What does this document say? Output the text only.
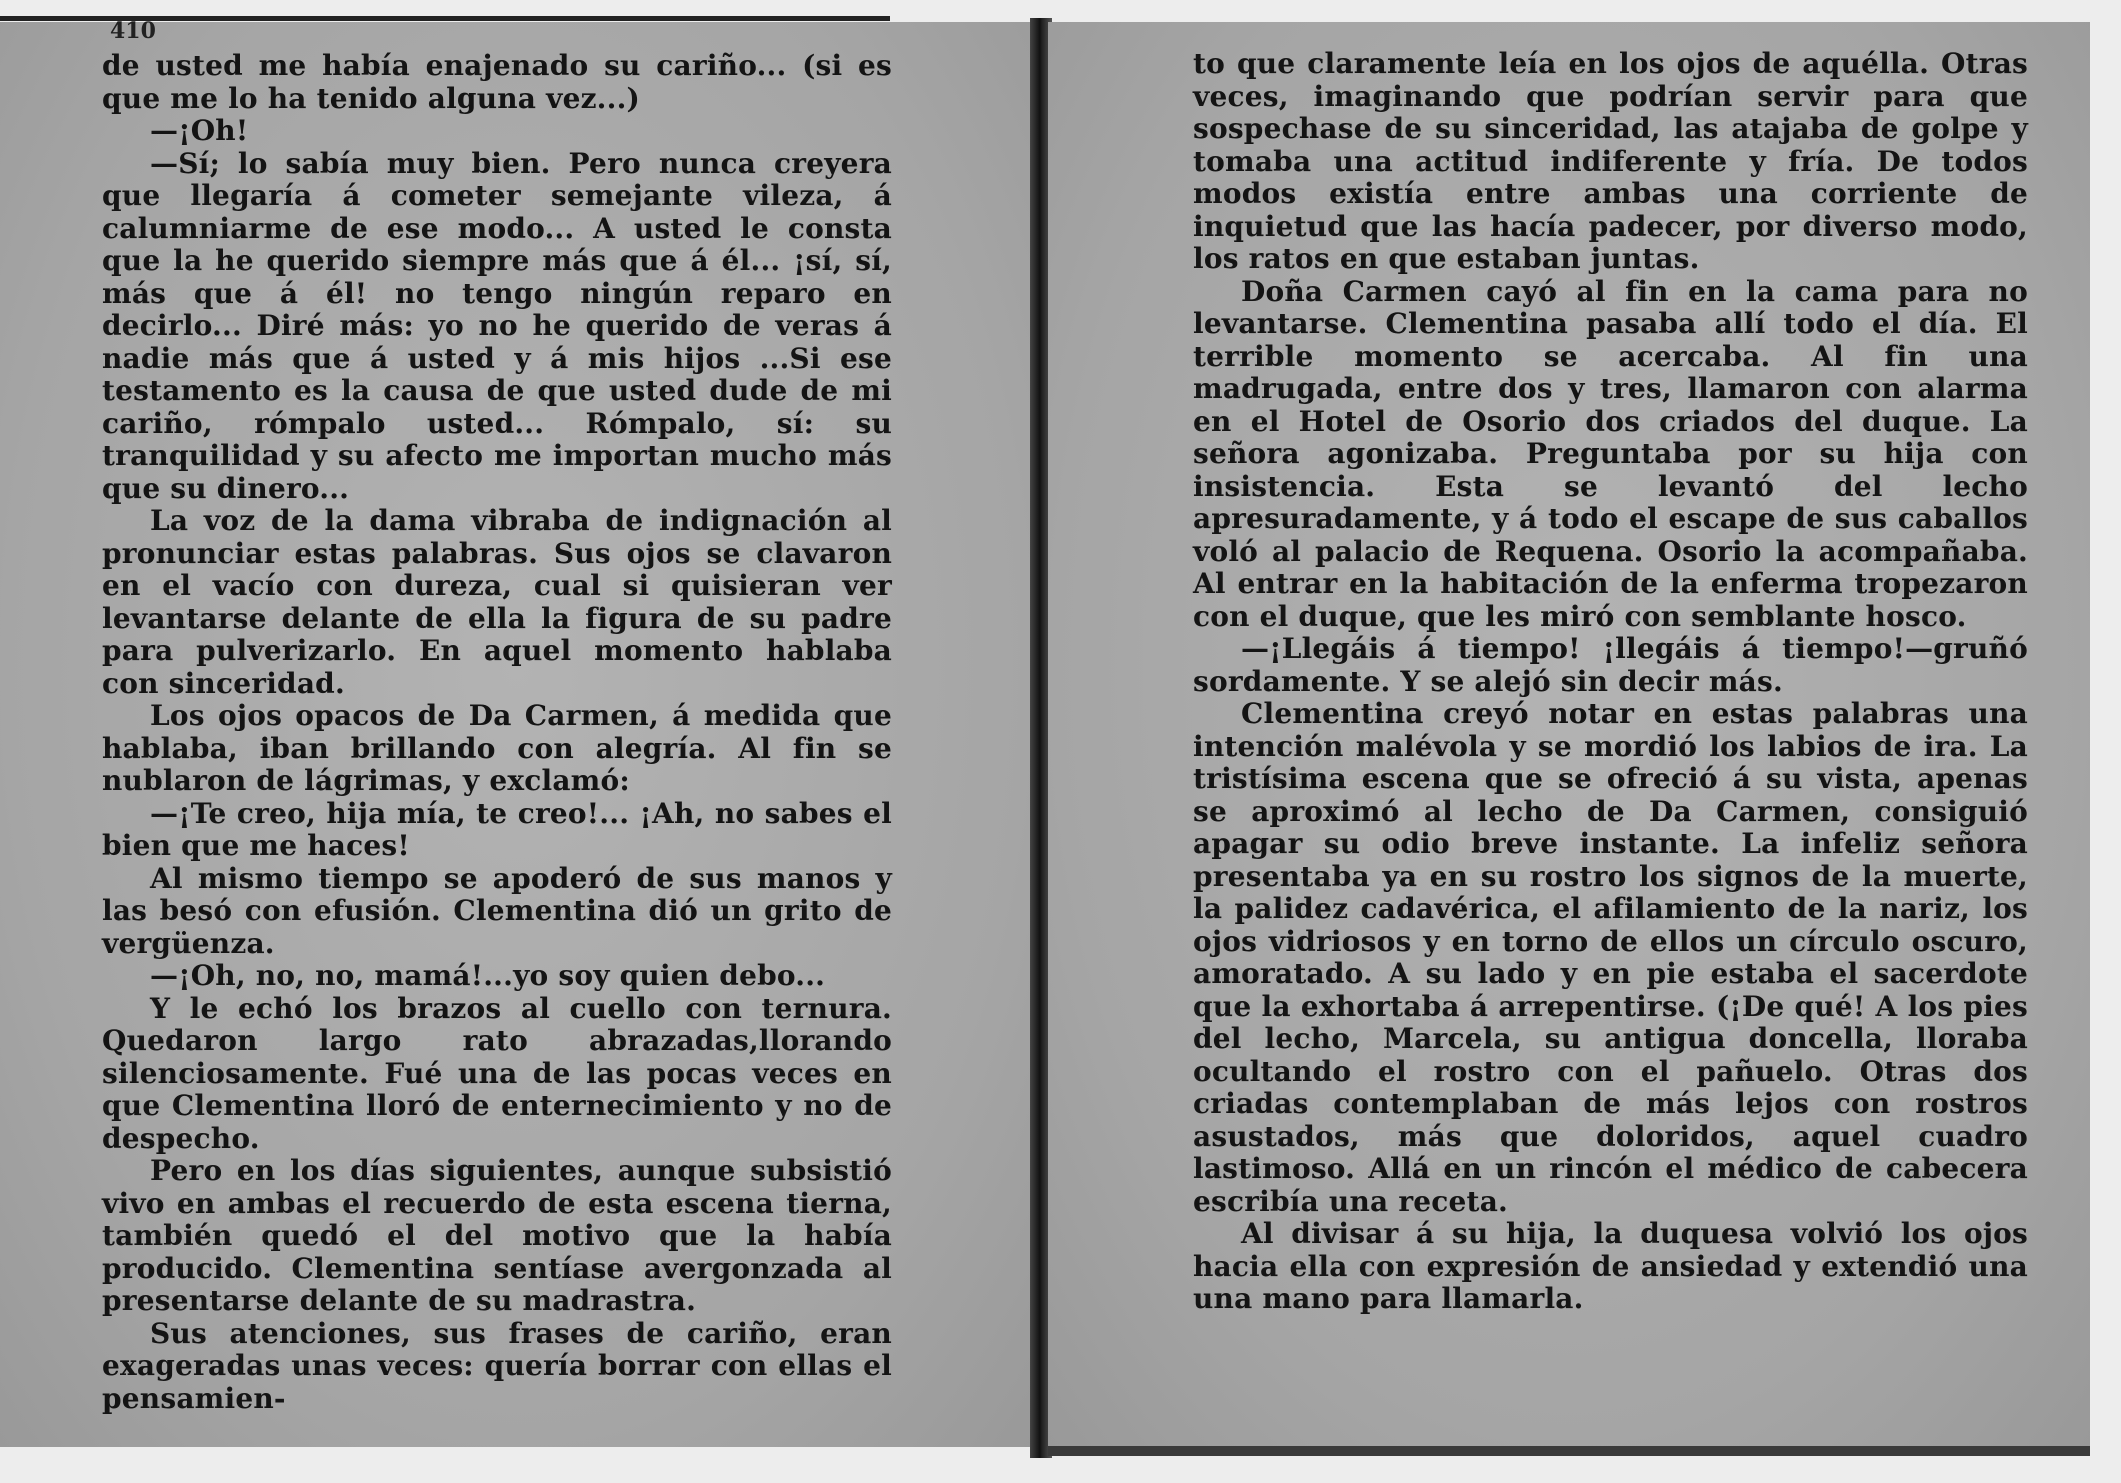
410

de usted me había enajenado su cariño... (si es que me lo ha tenido alguna vez...)

—¡Oh!

—Sí; lo sabía muy bien. Pero nunca creyera que llegaría á cometer semejante vileza, á calumniarme de ese modo... A usted le consta que la he querido siempre más que á él... ¡sí, sí, más que á él! no tengo ningún reparo en decirlo... Diré más: yo no he querido de veras á nadie más que á usted y á mis hijos ...Si ese testamento es la causa de que usted dude de mi cariño, rómpalo usted... Rómpalo, sí: su tranquilidad y su afecto me importan mucho más que su dinero...

La voz de la dama vibraba de indignación al pronunciar estas palabras. Sus ojos se clavaron en el vacío con dureza, cual si quisieran ver levantarse delante de ella la figura de su padre para pulverizarlo. En aquel momento hablaba con sinceridad.

Los ojos opacos de Da Carmen, á medida que hablaba, iban brillando con alegría. Al fin se nublaron de lágrimas, y exclamó:

—¡Te creo, hija mía, te creo!... ¡Ah, no sabes el bien que me haces!

Al mismo tiempo se apoderó de sus manos y las besó con efusión. Clementina dió un grito de vergüenza.

—¡Oh, no, no, mamá!...yo soy quien debo...

Y le echó los brazos al cuello con ternura. Quedaron largo rato abrazadas,llorando silenciosamente. Fué una de las pocas veces en que Clementina lloró de enternecimiento y no de despecho.

Pero en los días siguientes, aunque subsistió vivo en ambas el recuerdo de esta escena tierna, también quedó el del motivo que la había producido. Clementina sentíase avergonzada al presentarse delante de su madrastra.

Sus atenciones, sus frases de cariño, eran exageradas unas veces: quería borrar con ellas el pensamien-

to que claramente leía en los ojos de aquélla. Otras veces, imaginando que podrían servir para que sospechase de su sinceridad, las atajaba de golpe y tomaba una actitud indiferente y fría. De todos modos existía entre ambas una corriente de inquietud que las hacía padecer, por diverso modo, los ratos en que estaban juntas.

Doña Carmen cayó al fin en la cama para no levantarse. Clementina pasaba allí todo el día. El terrible momento se acercaba. Al fin una madrugada, entre dos y tres, llamaron con alarma en el Hotel de Osorio dos criados del duque. La señora agonizaba. Preguntaba por su hija con insistencia. Esta se levantó del lecho apresuradamente, y á todo el escape de sus caballos voló al palacio de Requena. Osorio la acompañaba. Al entrar en la habitación de la enferma tropezaron con el duque, que les miró con semblante hosco.

—¡Llegáis á tiempo! ¡llegáis á tiempo!—gruñó sordamente. Y se alejó sin decir más.

Clementina creyó notar en estas palabras una intención malévola y se mordió los labios de ira. La tristísima escena que se ofreció á su vista, apenas se aproximó al lecho de Da Carmen, consiguió apagar su odio breve instante. La infeliz señora presentaba ya en su rostro los signos de la muerte, la palidez cadavérica, el afilamiento de la nariz, los ojos vidriosos y en torno de ellos un círculo oscuro, amoratado. A su lado y en pie estaba el sacerdote que la exhortaba á arrepentirse. (¡De qué! A los pies del lecho, Marcela, su antigua doncella, lloraba ocultando el rostro con el pañuelo. Otras dos criadas contemplaban de más lejos con rostros asustados, más que doloridos, aquel cuadro lastimoso. Allá en un rincón el médico de cabecera escribía una receta.

Al divisar á su hija, la duquesa volvió los ojos hacia ella con expresión de ansiedad y extendió una una mano para llamarla.
